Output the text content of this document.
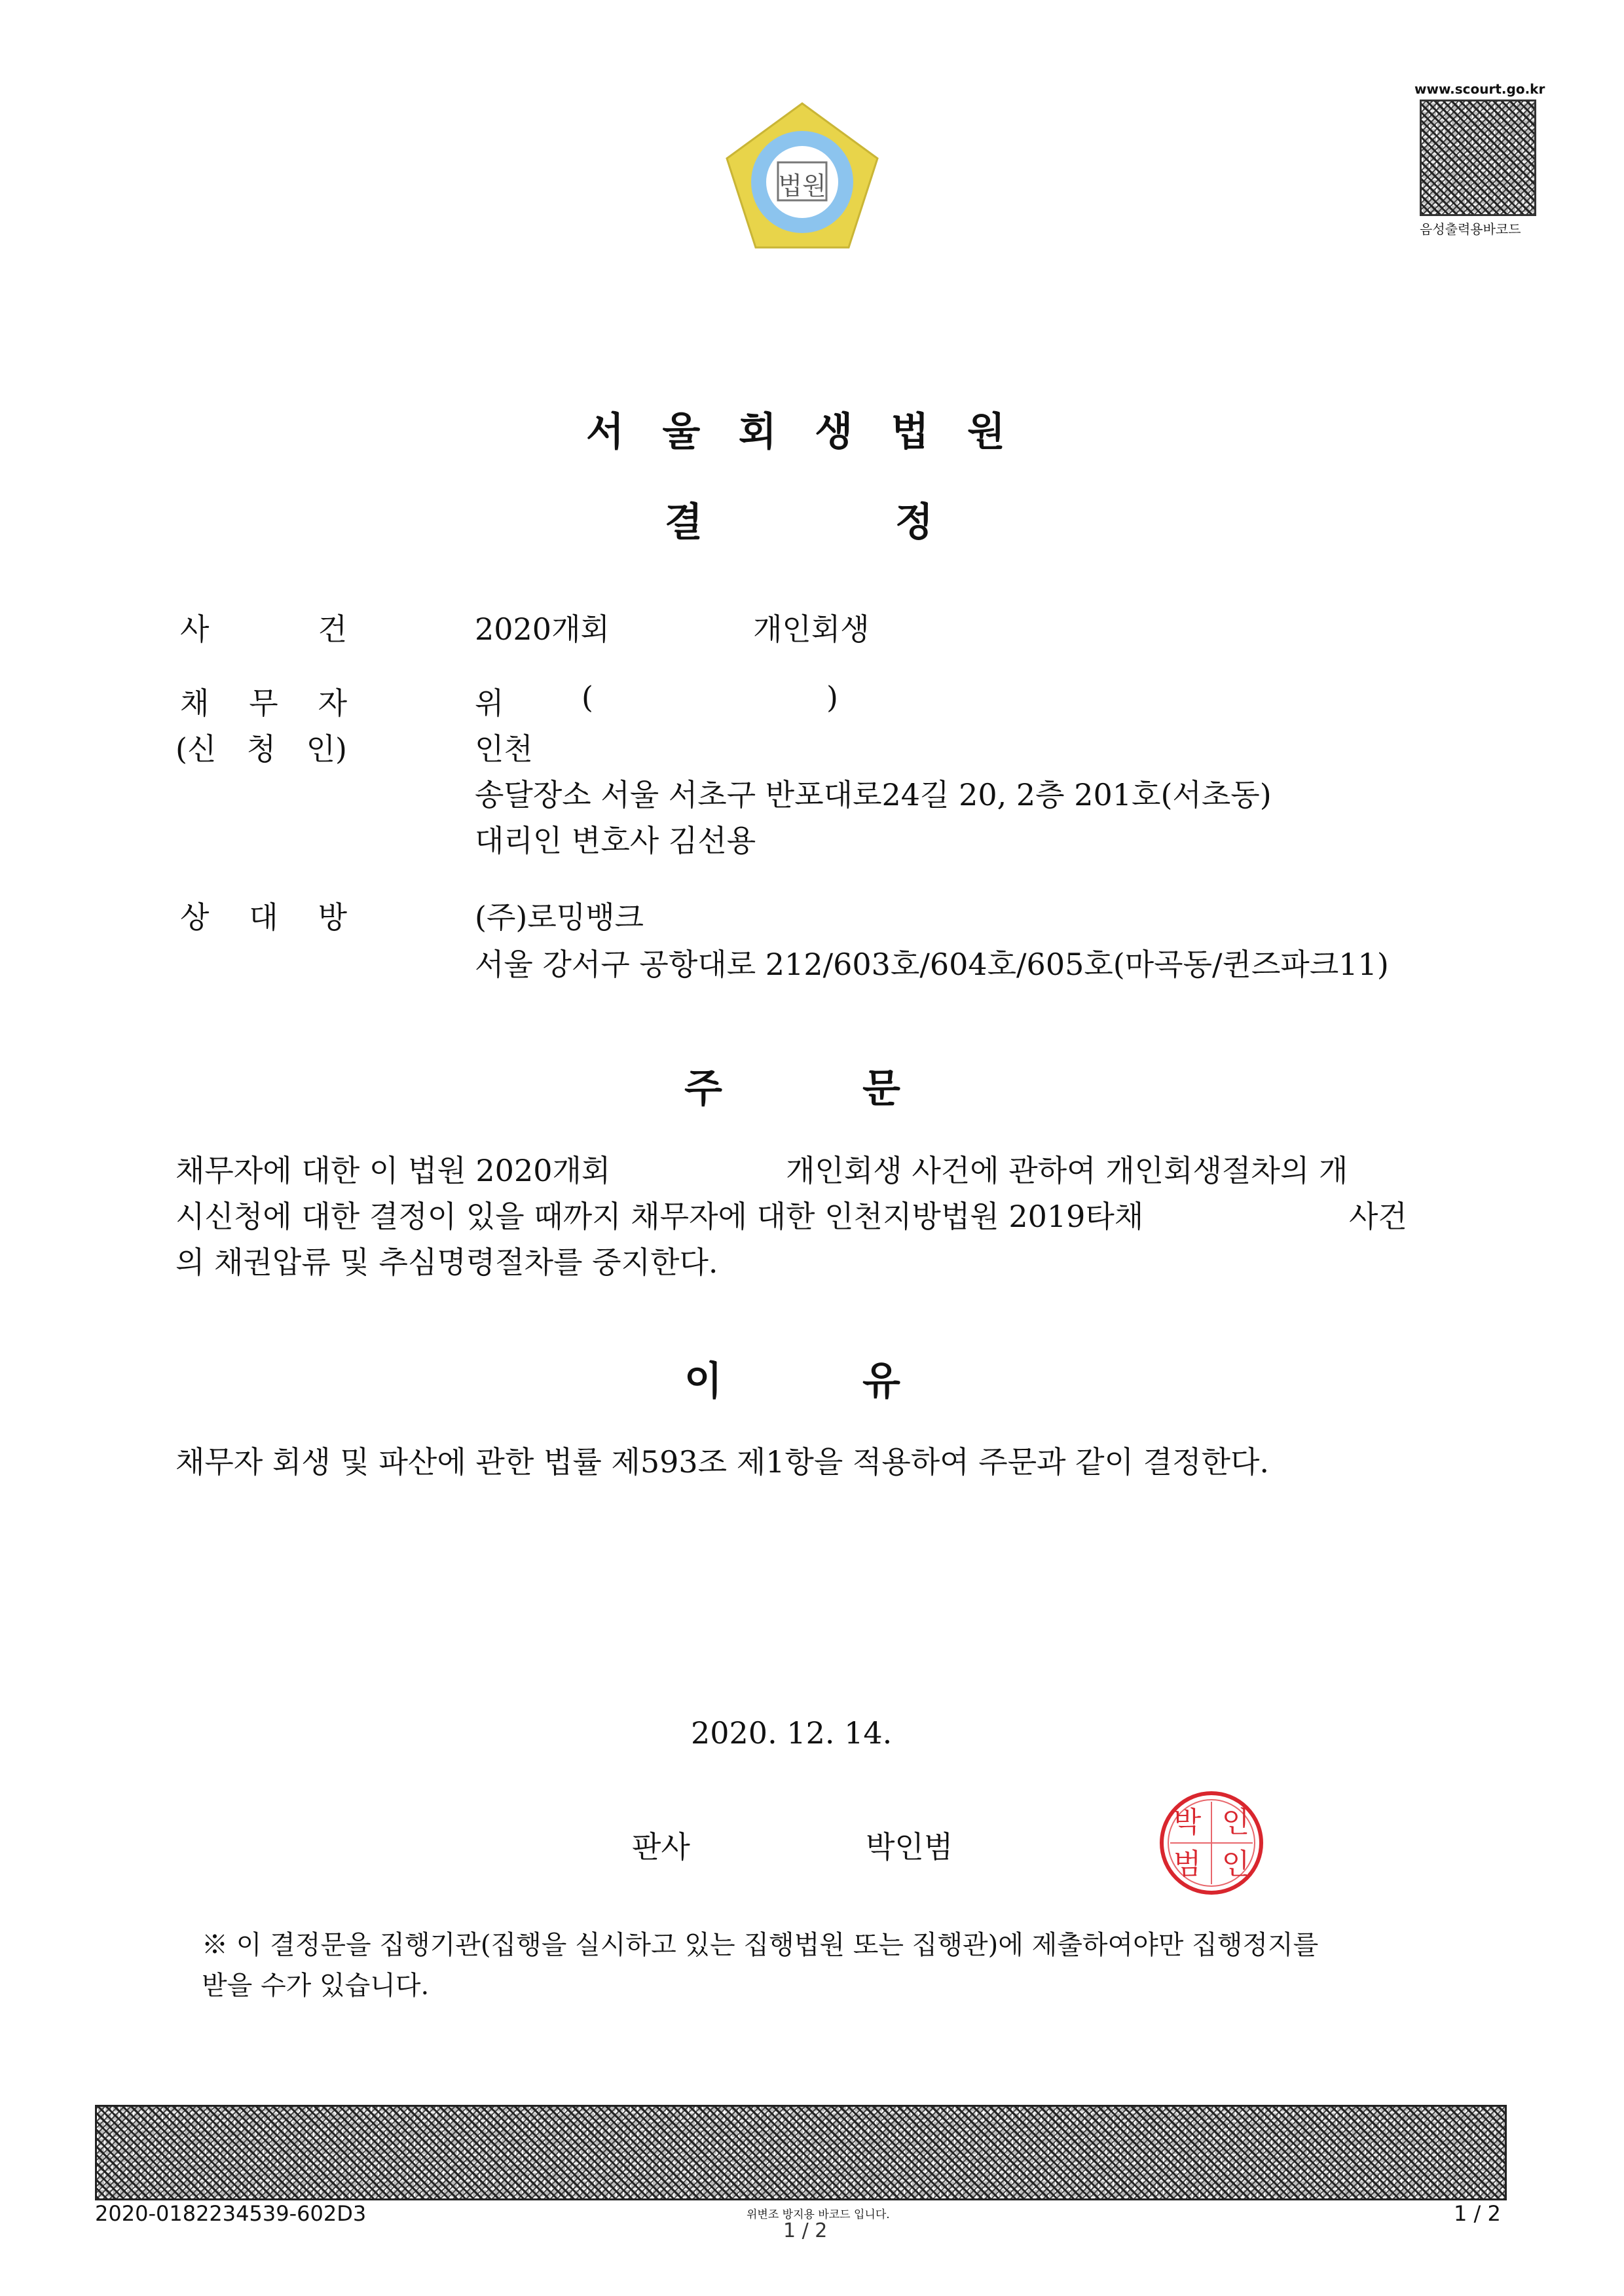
법원
www.scourt.go.kr
음성출력용바코드
서 울 회 생 법 원
결	정
사	건	2020개회	개인회생
채 무 자	위	(	)
(신 청 인)	인천
송달장소 서울 서초구 반포대로24길 20, 2층 201호(서초동)
대리인 변호사 김선용
상 대 방	(주)로밍뱅크
서울 강서구 공항대로 212/603호/604호/605호(마곡동/퀸즈파크11)
주	문
채무자에 대한 이 법원 2020개회	개인회생 사건에 관하여 개인회생절차의 개
시신청에 대한 결정이 있을 때까지 채무자에 대한 인천지방법원 2019타채	사건
의 채권압류 및 추심명령절차를 중지한다.
이	유
채무자 회생 및 파산에 관한 법률 제593조 제1항을 적용하여 주문과 같이 결정한다.
2020. 12. 14.
판사	박인범
박 인
범 인
※ 이 결정문을 집행기관(집행을 실시하고 있는 집행법원 또는 집행관)에 제출하여야만 집행정지를
받을 수가 있습니다.
2020-0182234539-602D3	위변조 방지용 바코드 입니다.
1 / 2
1 / 2
